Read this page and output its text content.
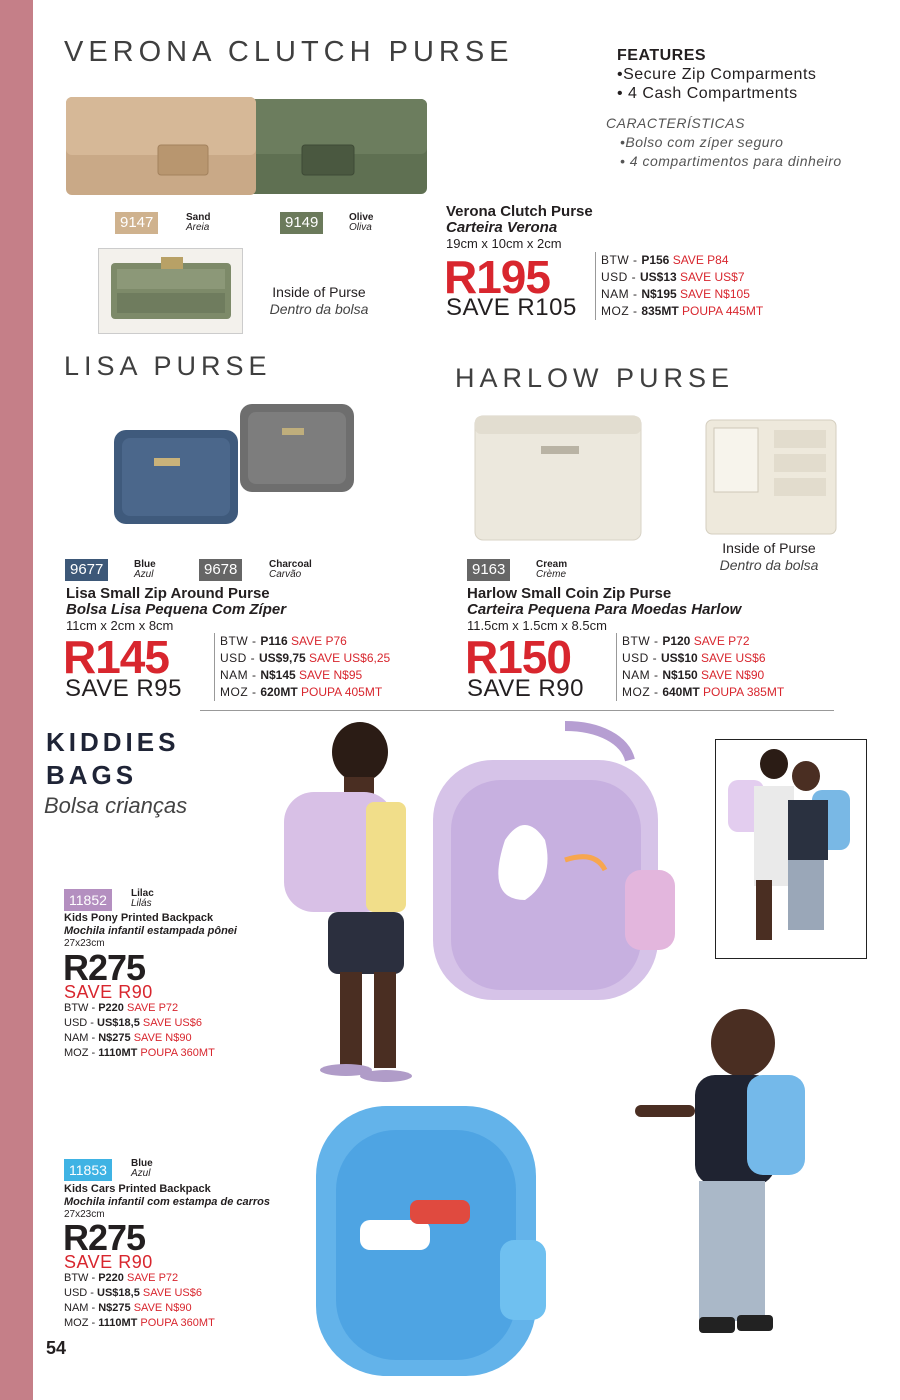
VERONA CLUTCH PURSE	FEATURES
•Secure Zip Comparments
• 4 Cash Compartments
CARACTERÍSTICAS
•Bolso com zíper seguro
• 4 compartimentos para dinheiro
9147	Sand
Areia	9149	Olive
Oliva
Inside of Purse
Dentro da bolsa
Verona Clutch Purse
Carteira Verona
19cm x 10cm x 2cm
R195
SAVE R105
BTW - P156 SAVE P84
USD - US$13 SAVE US$7
NAM - N$195 SAVE N$105
MOZ - 835MT POUPA 445MT
LISA PURSE
9677	Blue
Azul	9678	Charcoal
Carvão
Lisa Small Zip Around Purse
Bolsa Lisa Pequena Com Zíper
11cm x 2cm x 8cm
R145
SAVE R95
BTW - P116 SAVE P76
USD - US$9,75 SAVE US$6,25
NAM - N$145 SAVE N$95
MOZ - 620MT POUPA 405MT
HARLOW PURSE
Inside of Purse
Dentro da bolsa
9163	Cream
Crème
Harlow Small Coin Zip Purse
Carteira Pequena Para Moedas Harlow
11.5cm x 1.5cm x 8.5cm
R150
SAVE R90
BTW - P120 SAVE P72
USD - US$10 SAVE US$6
NAM - N$150 SAVE N$90
MOZ - 640MT POUPA 385MT
KIDDIES
BAGS
Bolsa crianças
11852	Lilac
Lilás
Kids Pony Printed Backpack
Mochila infantil estampada pônei
27x23cm
R275
SAVE R90
BTW - P220 SAVE P72
USD - US$18,5 SAVE US$6
NAM - N$275 SAVE N$90
MOZ - 1110MT POUPA 360MT
11853	Blue
Azul
Kids Cars Printed Backpack
Mochila infantil com estampa de carros
27x23cm
R275
SAVE R90
BTW - P220 SAVE P72
USD - US$18,5 SAVE US$6
NAM - N$275 SAVE N$90
MOZ - 1110MT POUPA 360MT
54
